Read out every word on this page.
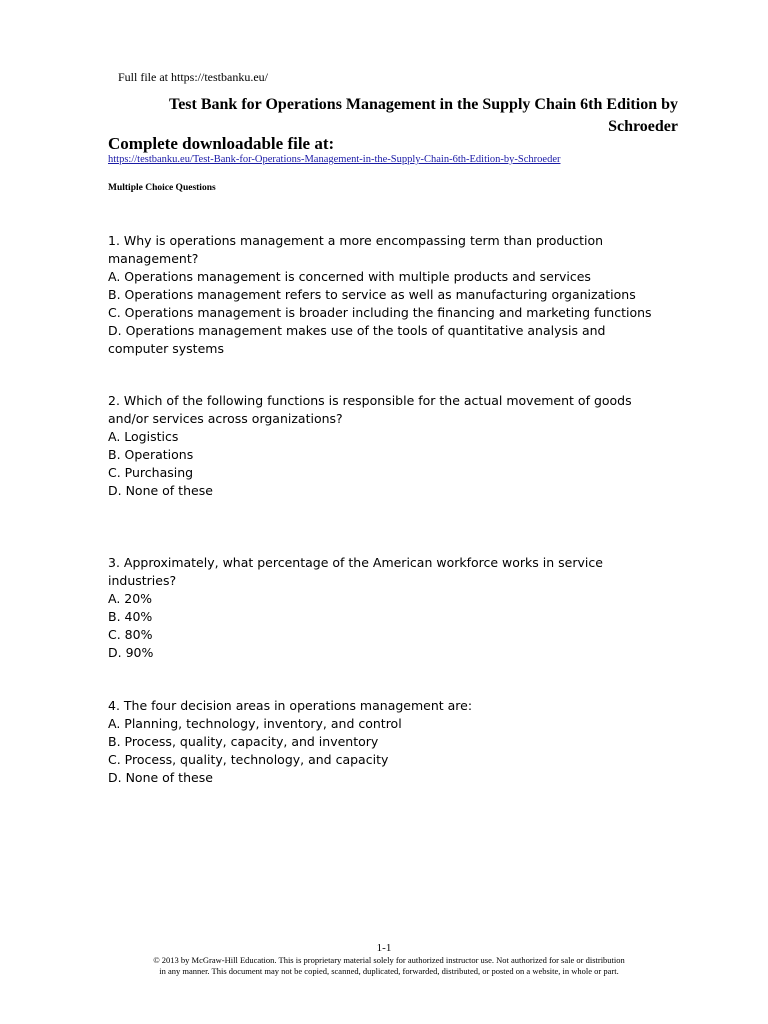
Full file at https://testbanku.eu/
Test Bank for Operations Management in the Supply Chain 6th Edition by Schroeder
Complete downloadable file at:
https://testbanku.eu/Test-Bank-for-Operations-Management-in-the-Supply-Chain-6th-Edition-by-Schroeder
Multiple Choice Questions
1. Why is operations management a more encompassing term than production management?
A. Operations management is concerned with multiple products and services
B. Operations management refers to service as well as manufacturing organizations
C. Operations management is broader including the financing and marketing functions
D. Operations management makes use of the tools of quantitative analysis and computer systems
2. Which of the following functions is responsible for the actual movement of goods and/or services across organizations?
A. Logistics
B. Operations
C. Purchasing
D. None of these
3. Approximately, what percentage of the American workforce works in service industries?
A. 20%
B. 40%
C. 80%
D. 90%
4. The four decision areas in operations management are:
A. Planning, technology, inventory, and control
B. Process, quality, capacity, and inventory
C. Process, quality, technology, and capacity
D. None of these
1-1
© 2013 by McGraw-Hill Education. This is proprietary material solely for authorized instructor use. Not authorized for sale or distribution
in any manner. This document may not be copied, scanned, duplicated, forwarded, distributed, or posted on a website, in whole or part.
